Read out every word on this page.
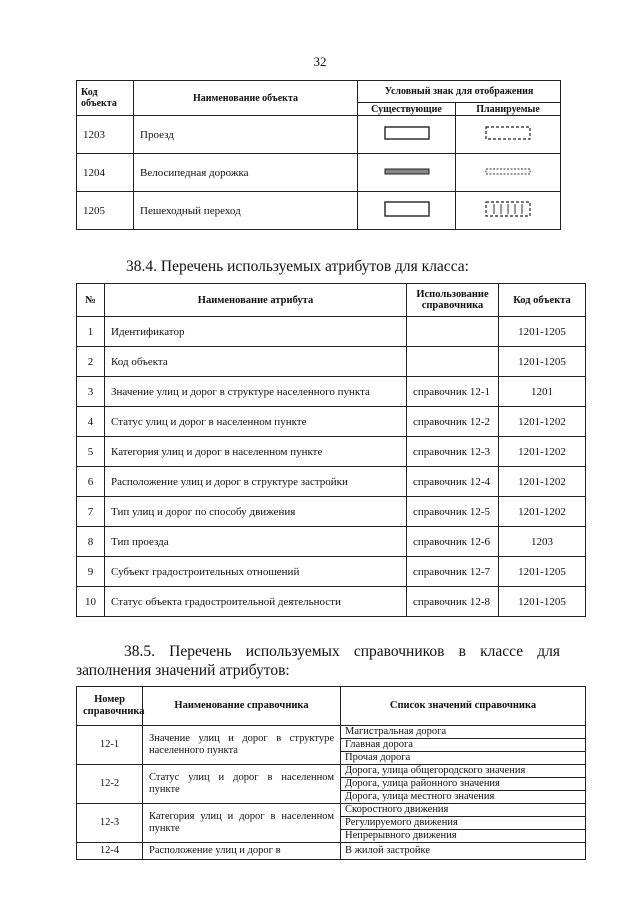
32
Код объекта	Наименование объекта	Условный знак для отображения	
		Существующие	Планируемые
1203	Проезд		
1204	Велосипедная дорожка		
1205	Пешеходный переход		
38.4. Перечень используемых атрибутов для класса:
№	Наименование атрибута	Использование справочника	Код объекта
1	Идентификатор		1201-1205
2	Код объекта		1201-1205
3	Значение улиц и дорог в структуре населенного пункта	справочник 12-1	1201
4	Статус улиц и дорог в населенном пункте	справочник 12-2	1201-1202
5	Категория улиц и дорог в населенном пункте	справочник 12-3	1201-1202
6	Расположение улиц и дорог в структуре застройки	справочник 12-4	1201-1202
7	Тип улиц и дорог по способу движения	справочник 12-5	1201-1202
8	Тип проезда	справочник 12-6	1203
9	Субъект градостроительных отношений	справочник 12-7	1201-1205
10	Статус объекта градостроительной деятельности	справочник 12-8	1201-1205
38.5. Перечень используемых справочников в классе для заполнения значений атрибутов:
Номер справочника	Наименование справочника	Список значений справочника
12-1	Значение улиц и дорог в структуре населенного пункта	Магистральная дорога
		Главная дорога
		Прочая дорога
12-2	Статус улиц и дорог в населенном пункте	Дорога, улица общегородского значения
		Дорога, улица районного значения
		Дорога, улица местного значения
12-3	Категория улиц и дорог в населенном пункте	Скоростного движения
		Регулируемого движения
		Непрерывного движения
12-4	Расположение улиц и дорог в	В жилой застройке
